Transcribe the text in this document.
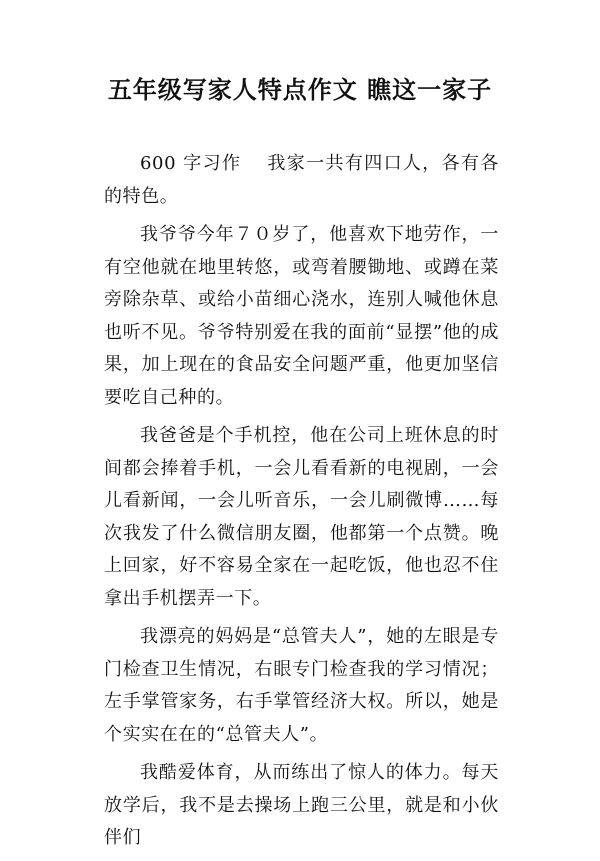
五年级写家人特点作文 瞧这一家子

600 字习作 我家一共有四口人，各有各的特色。

我爷爷今年７０岁了，他喜欢下地劳作，一有空他就在地里转悠，或弯着腰锄地、或蹲在菜旁除杂草、或给小苗细心浇水，连别人喊他休息也听不见。爷爷特别爱在我的面前“显摆”他的成果，加上现在的食品安全问题严重，他更加坚信要吃自己种的。

我爸爸是个手机控，他在公司上班休息的时间都会捧着手机，一会儿看看新的电视剧，一会儿看新闻，一会儿听音乐，一会儿刷微博……每次我发了什么微信朋友圈，他都第一个点赞。晚上回家，好不容易全家在一起吃饭，他也忍不住拿出手机摆弄一下。

我漂亮的妈妈是“总管夫人”，她的左眼是专门检查卫生情况，右眼专门检查我的学习情况；左手掌管家务，右手掌管经济大权。所以，她是个实实在在的“总管夫人”。

我酷爱体育，从而练出了惊人的体力。每天放学后，我不是去操场上跑三公里，就是和小伙伴们
